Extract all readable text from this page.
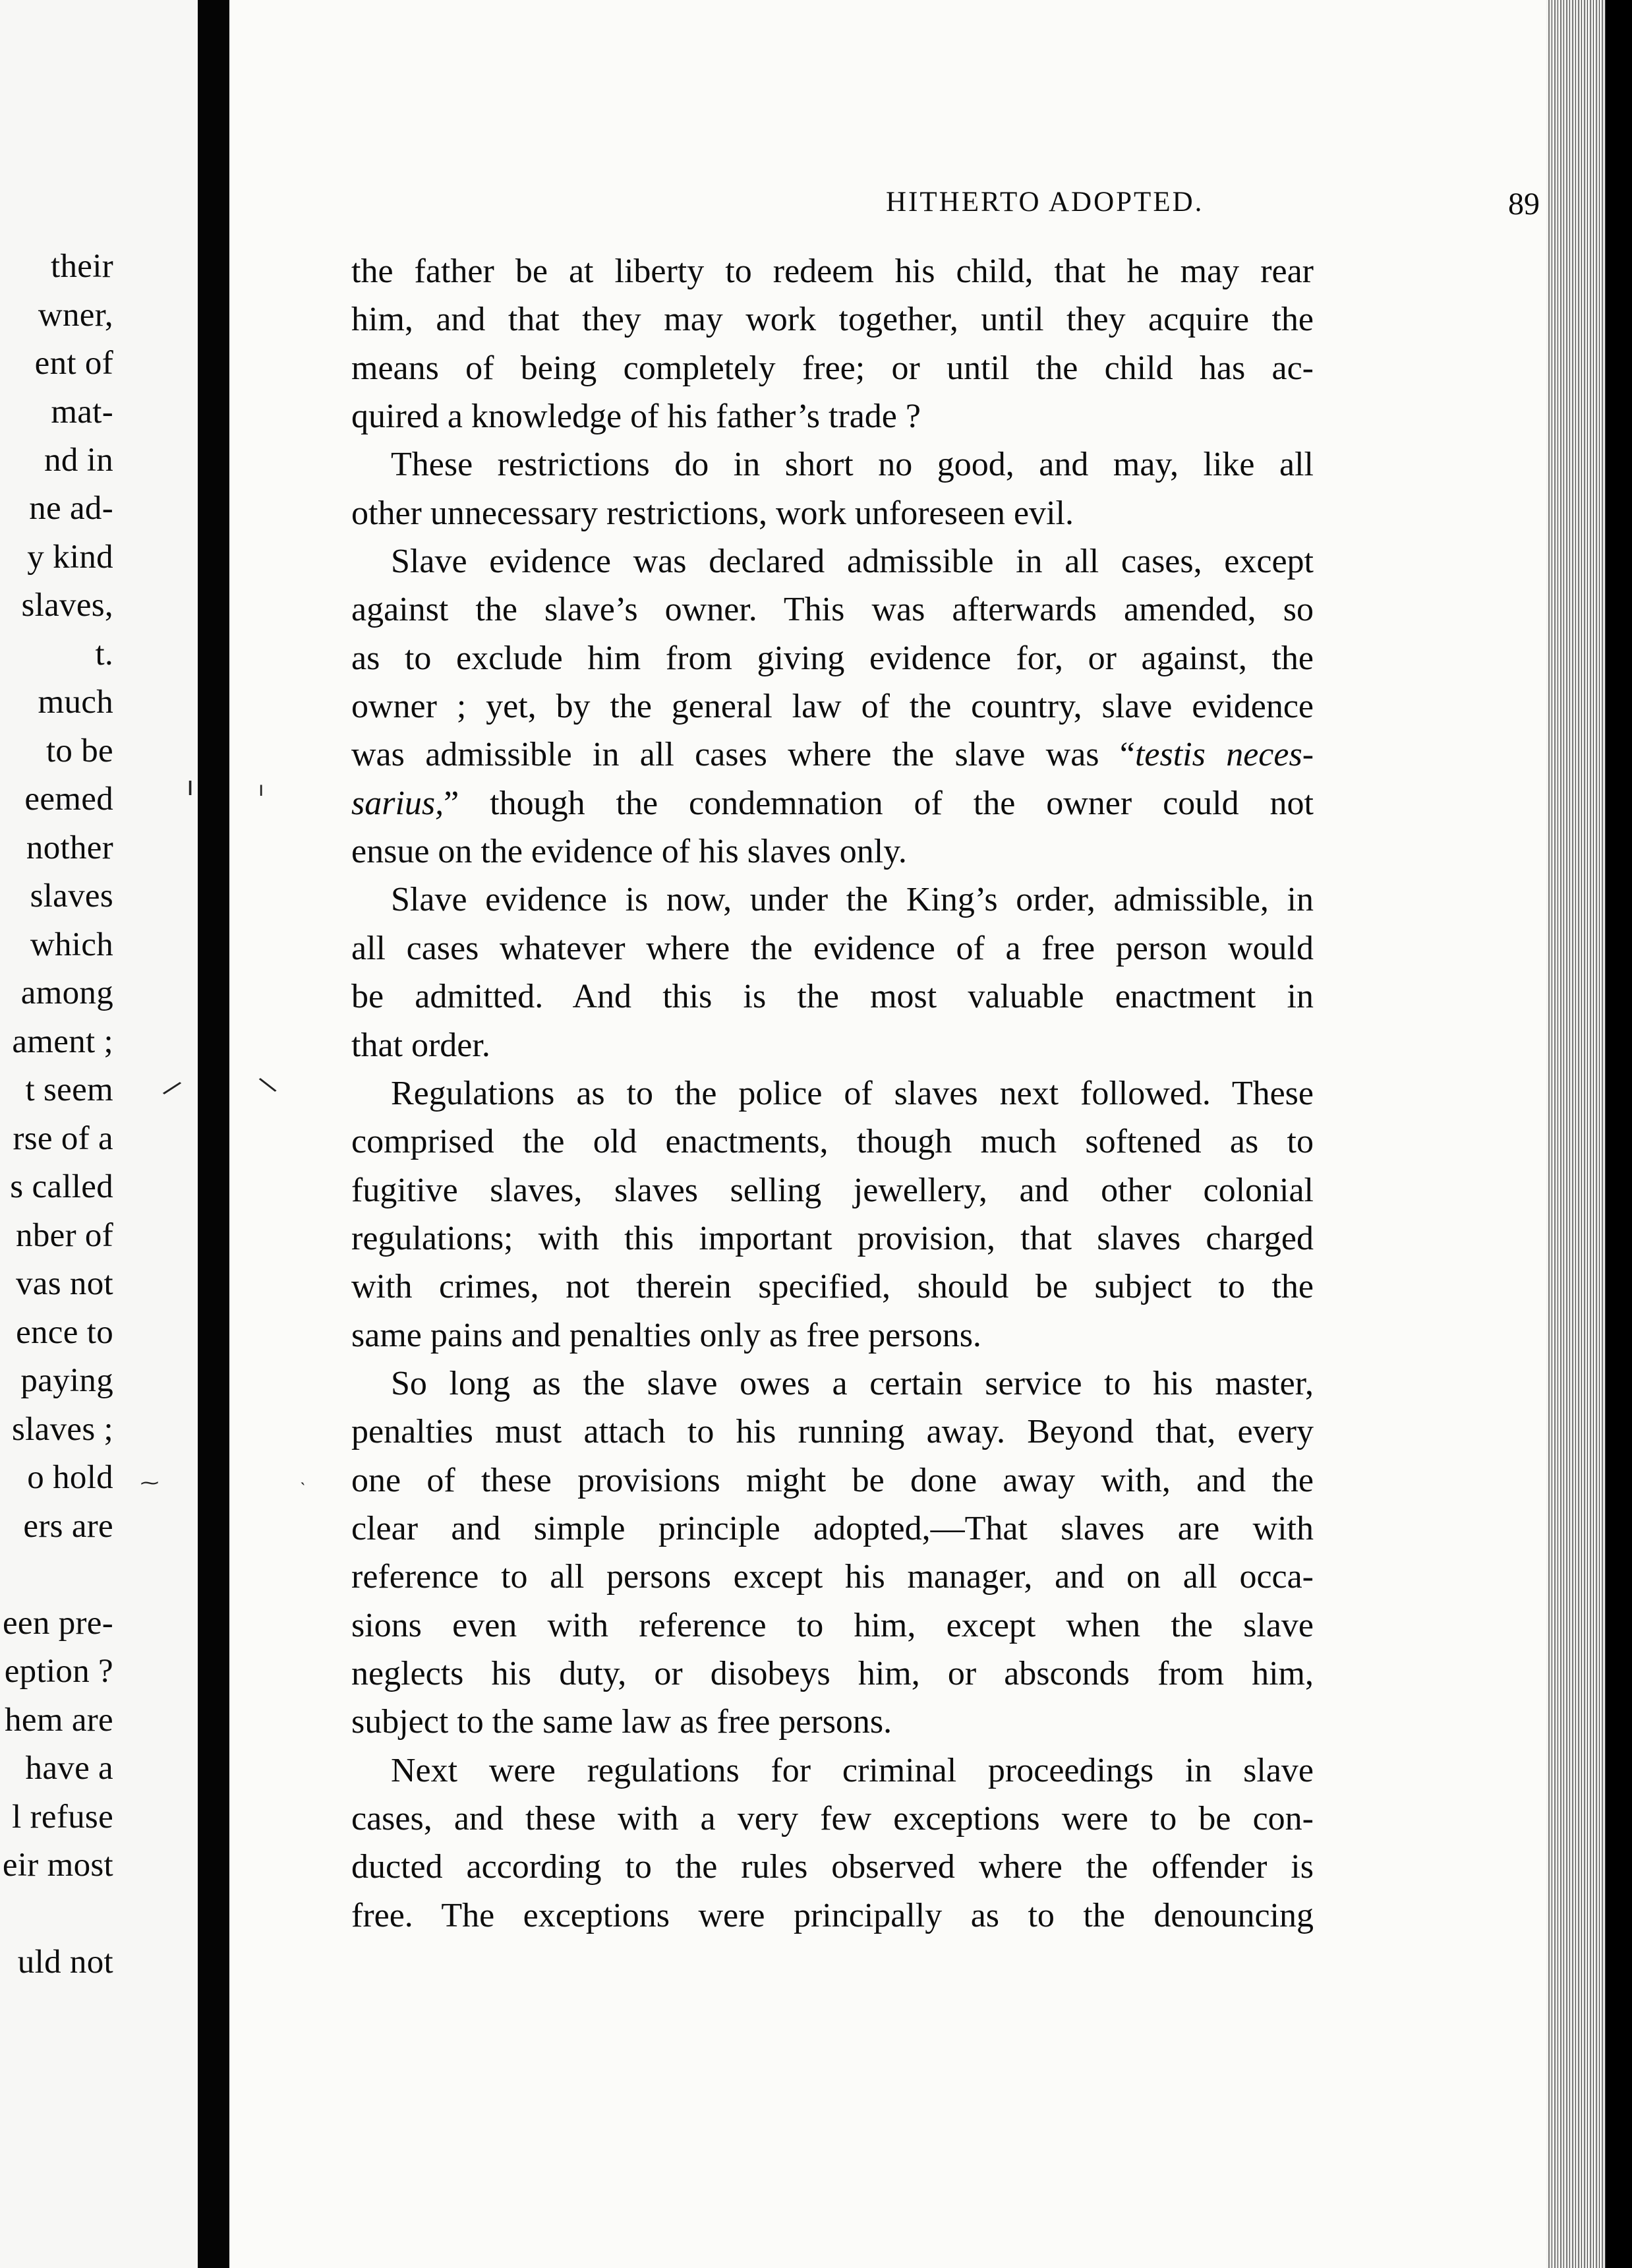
their
wner,
ent of
mat-
nd in
ne ad-
y kind
slaves,
t.
much
to be
eemed
nother
slaves
which
among
ament ;
t seem
rse of a
s called
nber of
vas not
ence to
paying
slaves ;
o hold
ers are
een pre-
eption ?
hem are
have a
l refuse
eir most
uld not
HITHERTO ADOPTED.	89
the father be at liberty to redeem his child, that he may rear
him, and that they may work together, until they acquire the
means of being completely free; or until the child has ac-
quired a knowledge of his father’s trade ?
These restrictions do in short no good, and may, like all
other unnecessary restrictions, work unforeseen evil.
Slave evidence was declared admissible in all cases, except
against the slave’s owner. This was afterwards amended, so
as to exclude him from giving evidence for, or against, the
owner ; yet, by the general law of the country, slave evidence
was admissible in all cases where the slave was “testis neces-
sarius,” though the condemnation of the owner could not
ensue on the evidence of his slaves only.
Slave evidence is now, under the King’s order, admissible, in
all cases whatever where the evidence of a free person would
be admitted. And this is the most valuable enactment in
that order.
Regulations as to the police of slaves next followed. These
comprised the old enactments, though much softened as to
fugitive slaves, slaves selling jewellery, and other colonial
regulations; with this important provision, that slaves charged
with crimes, not therein specified, should be subject to the
same pains and penalties only as free persons.
So long as the slave owes a certain service to his master,
penalties must attach to his running away. Beyond that, every
one of these provisions might be done away with, and the
clear and simple principle adopted,—That slaves are with
reference to all persons except his manager, and on all occa-
sions even with reference to him, except when the slave
neglects his duty, or disobeys him, or absconds from him,
subject to the same law as free persons.
Next were regulations for criminal proceedings in slave
cases, and these with a very few exceptions were to be con-
ducted according to the rules observed where the offender is
free. The exceptions were principally as to the denouncing
ı	ı
/	\
⁓	˴
